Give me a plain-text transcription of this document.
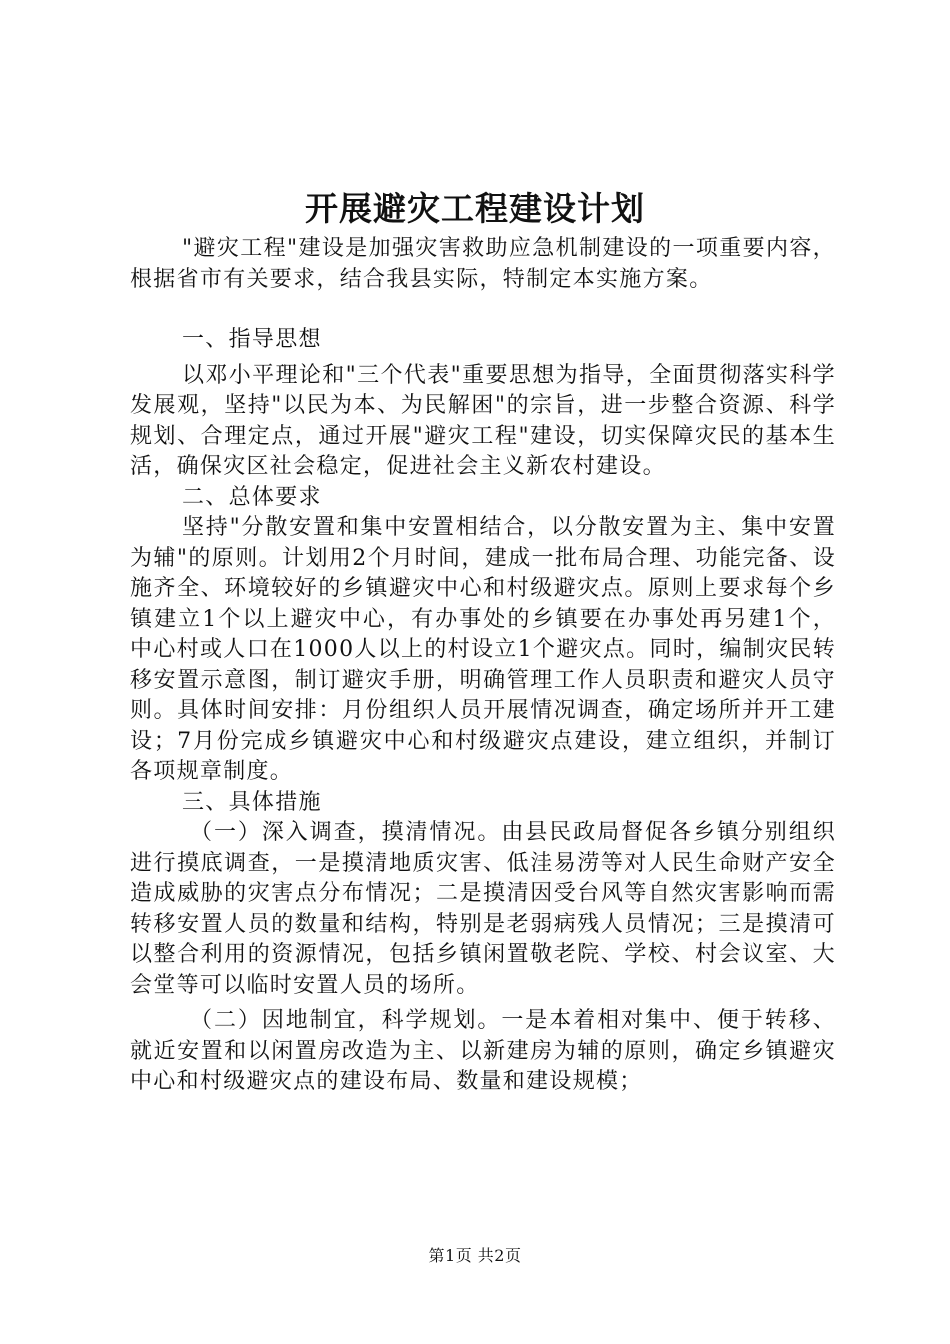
开展避灾工程建设计划

"避灾工程"建设是加强灾害救助应急机制建设的一项重要内容，根据省市有关要求，结合我县实际，特制定本实施方案。

一、指导思想

以邓小平理论和"三个代表"重要思想为指导，全面贯彻落实科学发展观，坚持"以民为本、为民解困"的宗旨，进一步整合资源、科学规划、合理定点，通过开展"避灾工程"建设，切实保障灾民的基本生活，确保灾区社会稳定，促进社会主义新农村建设。

二、总体要求

坚持"分散安置和集中安置相结合，以分散安置为主、集中安置为辅"的原则。计划用2个月时间，建成一批布局合理、功能完备、设施齐全、环境较好的乡镇避灾中心和村级避灾点。原则上要求每个乡镇建立1个以上避灾中心，有办事处的乡镇要在办事处再另建1个，中心村或人口在1000人以上的村设立1个避灾点。同时，编制灾民转移安置示意图，制订避灾手册，明确管理工作人员职责和避灾人员守则。具体时间安排：月份组织人员开展情况调查，确定场所并开工建设；7月份完成乡镇避灾中心和村级避灾点建设，建立组织，并制订各项规章制度。

三、具体措施

（一）深入调查，摸清情况。由县民政局督促各乡镇分别组织进行摸底调查，一是摸清地质灾害、低洼易涝等对人民生命财产安全造成威胁的灾害点分布情况；二是摸清因受台风等自然灾害影响而需转移安置人员的数量和结构，特别是老弱病残人员情况；三是摸清可以整合利用的资源情况，包括乡镇闲置敬老院、学校、村会议室、大会堂等可以临时安置人员的场所。

（二）因地制宜，科学规划。一是本着相对集中、便于转移、就近安置和以闲置房改造为主、以新建房为辅的原则，确定乡镇避灾中心和村级避灾点的建设布局、数量和建设规模；

第1页 共2页
